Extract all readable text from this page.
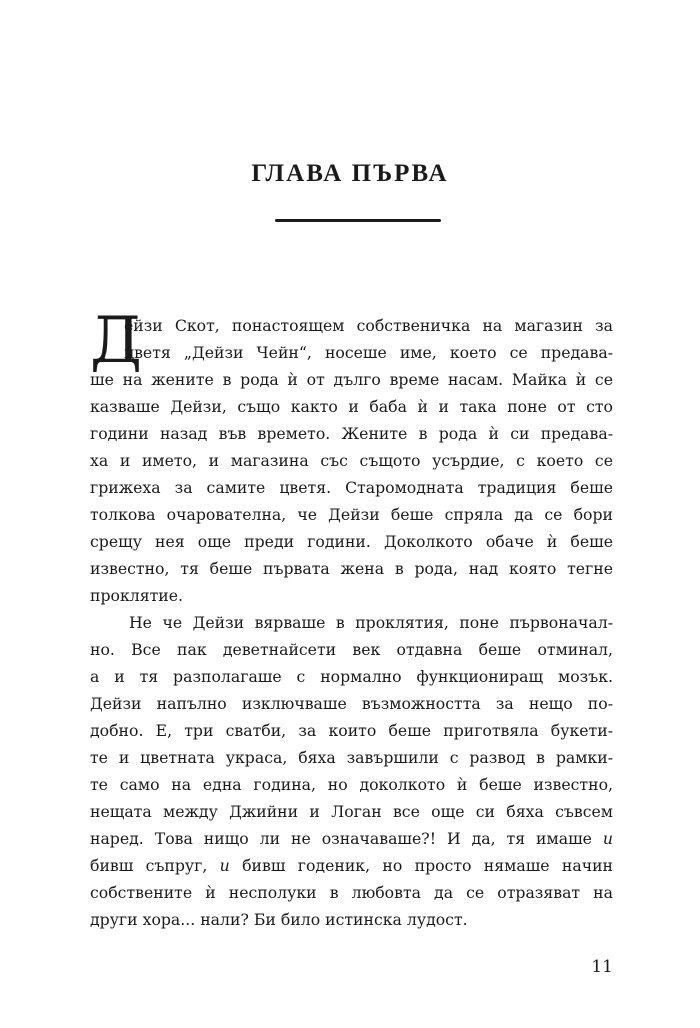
ГЛАВА ПЪРВА
Д
ейзи Скот, понастоящем собственичка на магазин за
цветя „Дейзи Чейн“, носеше име, което се предава-
ше на жените в рода ѝ от дълго време насам. Майка ѝ се
казваше Дейзи, също както и баба ѝ и така поне от сто
години назад във времето. Жените в рода ѝ си предава-
ха и името, и магазина със същото усърдие, с което се
грижеха за самите цветя. Старомодната традиция беше
толкова очарователна, че Дейзи беше спряла да се бори
срещу нея още преди години. Доколкото обаче ѝ беше
известно, тя беше първата жена в рода, над която тегне
проклятие.
Не че Дейзи вярваше в проклятия, поне първоначал-
но. Все пак деветнайсети век отдавна беше отминал,
а и тя разполагаше с нормално функциониращ мозък.
Дейзи напълно изключваше възможността за нещо по-
добно. Е, три сватби, за които беше приготвяла букети-
те и цветната украса, бяха завършили с развод в рамки-
те само на една година, но доколкото ѝ беше известно,
нещата между Джийни и Логан все още си бяха съвсем
наред. Това нищо ли не означаваше?! И да, тя имаше и
бивш съпруг, и бивш годеник, но просто нямаше начин
собствените ѝ несполуки в любовта да се отразяват на
други хора... нали? Би било истинска лудост.
11
